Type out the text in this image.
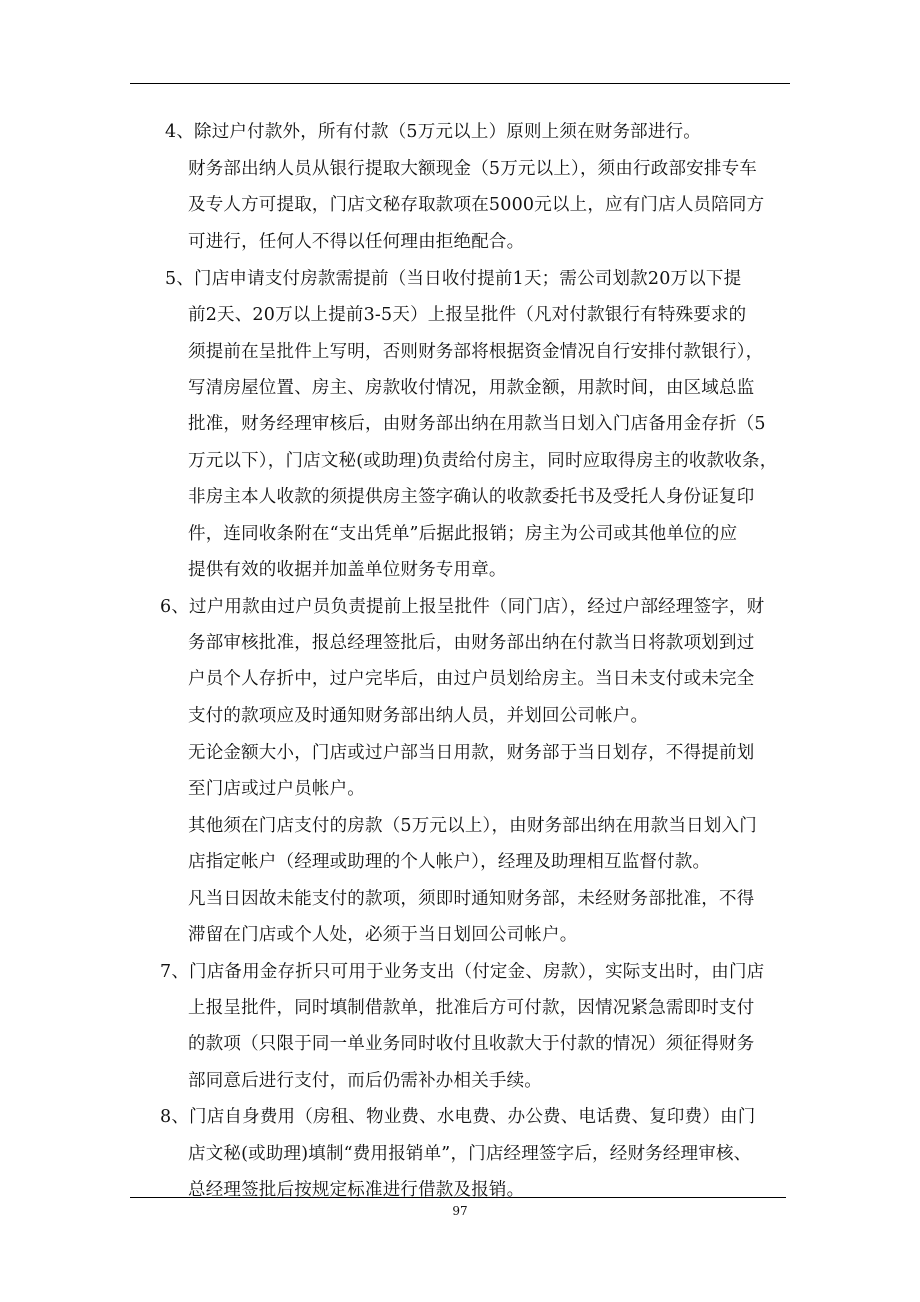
4、除过户付款外，所有付款（5万元以上）原则上须在财务部进行。
财务部出纳人员从银行提取大额现金（5万元以上），须由行政部安排专车
及专人方可提取，门店文秘存取款项在5000元以上，应有门店人员陪同方
可进行，任何人不得以任何理由拒绝配合。
5、门店申请支付房款需提前（当日收付提前1天；需公司划款20万以下提
前2天、20万以上提前3-5天）上报呈批件（凡对付款银行有特殊要求的
须提前在呈批件上写明，否则财务部将根据资金情况自行安排付款银行），
写清房屋位置、房主、房款收付情况，用款金额，用款时间，由区域总监
批准，财务经理审核后，由财务部出纳在用款当日划入门店备用金存折（5
万元以下），门店文秘(或助理)负责给付房主，同时应取得房主的收款收条，
非房主本人收款的须提供房主签字确认的收款委托书及受托人身份证复印
件，连同收条附在“支出凭单”后据此报销；房主为公司或其他单位的应
提供有效的收据并加盖单位财务专用章。
6、过户用款由过户员负责提前上报呈批件（同门店），经过户部经理签字，财
务部审核批准，报总经理签批后，由财务部出纳在付款当日将款项划到过
户员个人存折中，过户完毕后，由过户员划给房主。当日未支付或未完全
支付的款项应及时通知财务部出纳人员，并划回公司帐户。
无论金额大小，门店或过户部当日用款，财务部于当日划存，不得提前划
至门店或过户员帐户。
其他须在门店支付的房款（5万元以上），由财务部出纳在用款当日划入门
店指定帐户（经理或助理的个人帐户），经理及助理相互监督付款。
凡当日因故未能支付的款项，须即时通知财务部，未经财务部批准，不得
滞留在门店或个人处，必须于当日划回公司帐户。
7、门店备用金存折只可用于业务支出（付定金、房款），实际支出时，由门店
上报呈批件，同时填制借款单，批准后方可付款，因情况紧急需即时支付
的款项（只限于同一单业务同时收付且收款大于付款的情况）须征得财务
部同意后进行支付，而后仍需补办相关手续。
8、门店自身费用（房租、物业费、水电费、办公费、电话费、复印费）由门
店文秘(或助理)填制“费用报销单”，门店经理签字后，经财务经理审核、
总经理签批后按规定标准进行借款及报销。
97
